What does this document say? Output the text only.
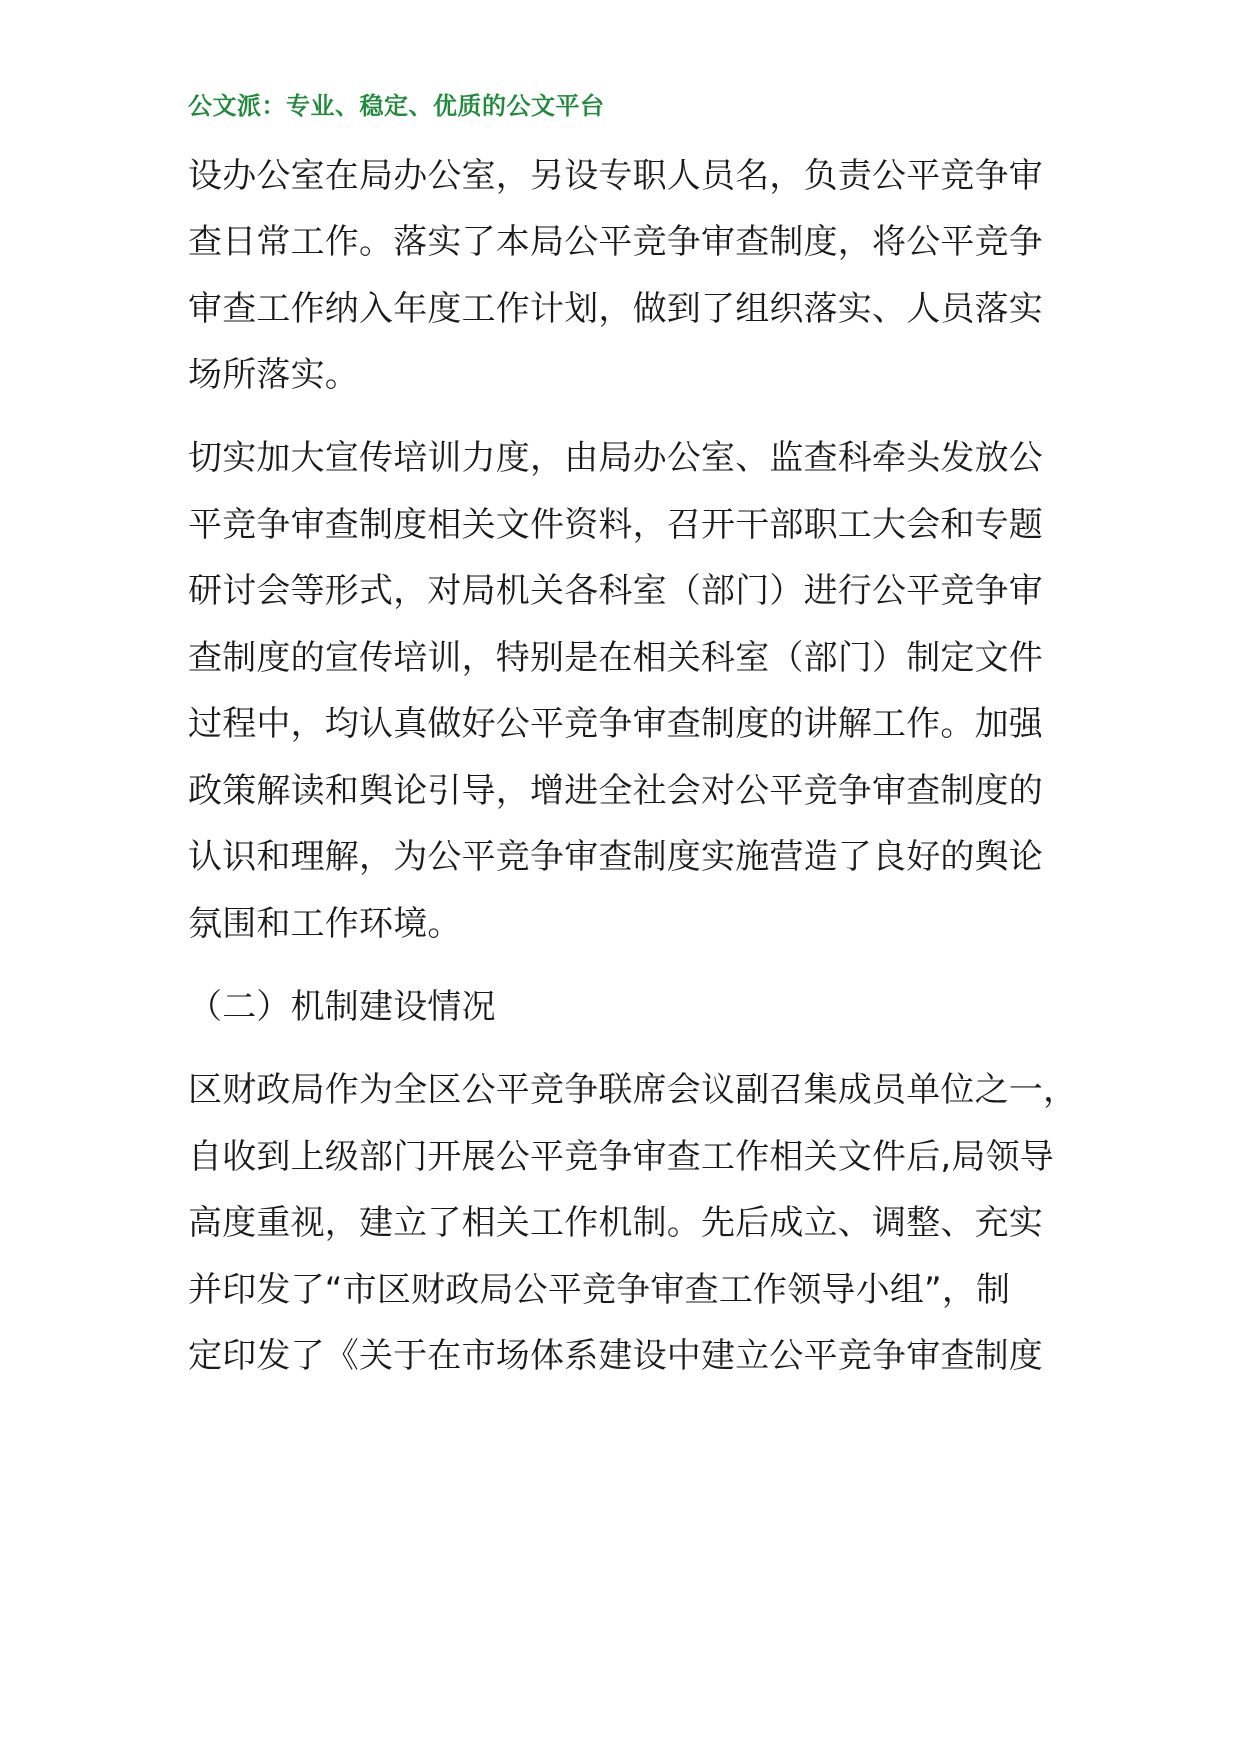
公文派：专业、稳定、优质的公文平台
设办公室在局办公室，另设专职人员名，负责公平竞争审
查日常工作。落实了本局公平竞争审查制度，将公平竞争
审查工作纳入年度工作计划，做到了组织落实、人员落实
场所落实。
切实加大宣传培训力度，由局办公室、监查科牵头发放公
平竞争审查制度相关文件资料，召开干部职工大会和专题
研讨会等形式，对局机关各科室（部门）进行公平竞争审
查制度的宣传培训，特别是在相关科室（部门）制定文件
过程中，均认真做好公平竞争审查制度的讲解工作。加强
政策解读和舆论引导，增进全社会对公平竞争审查制度的
认识和理解，为公平竞争审查制度实施营造了良好的舆论
氛围和工作环境。
（二）机制建设情况
区财政局作为全区公平竞争联席会议副召集成员单位之一，
自收到上级部门开展公平竞争审查工作相关文件后,局领导
高度重视，建立了相关工作机制。先后成立、调整、充实
并印发了“市区财政局公平竞争审查工作领导小组”，制
定印发了《关于在市场体系建设中建立公平竞争审查制度
